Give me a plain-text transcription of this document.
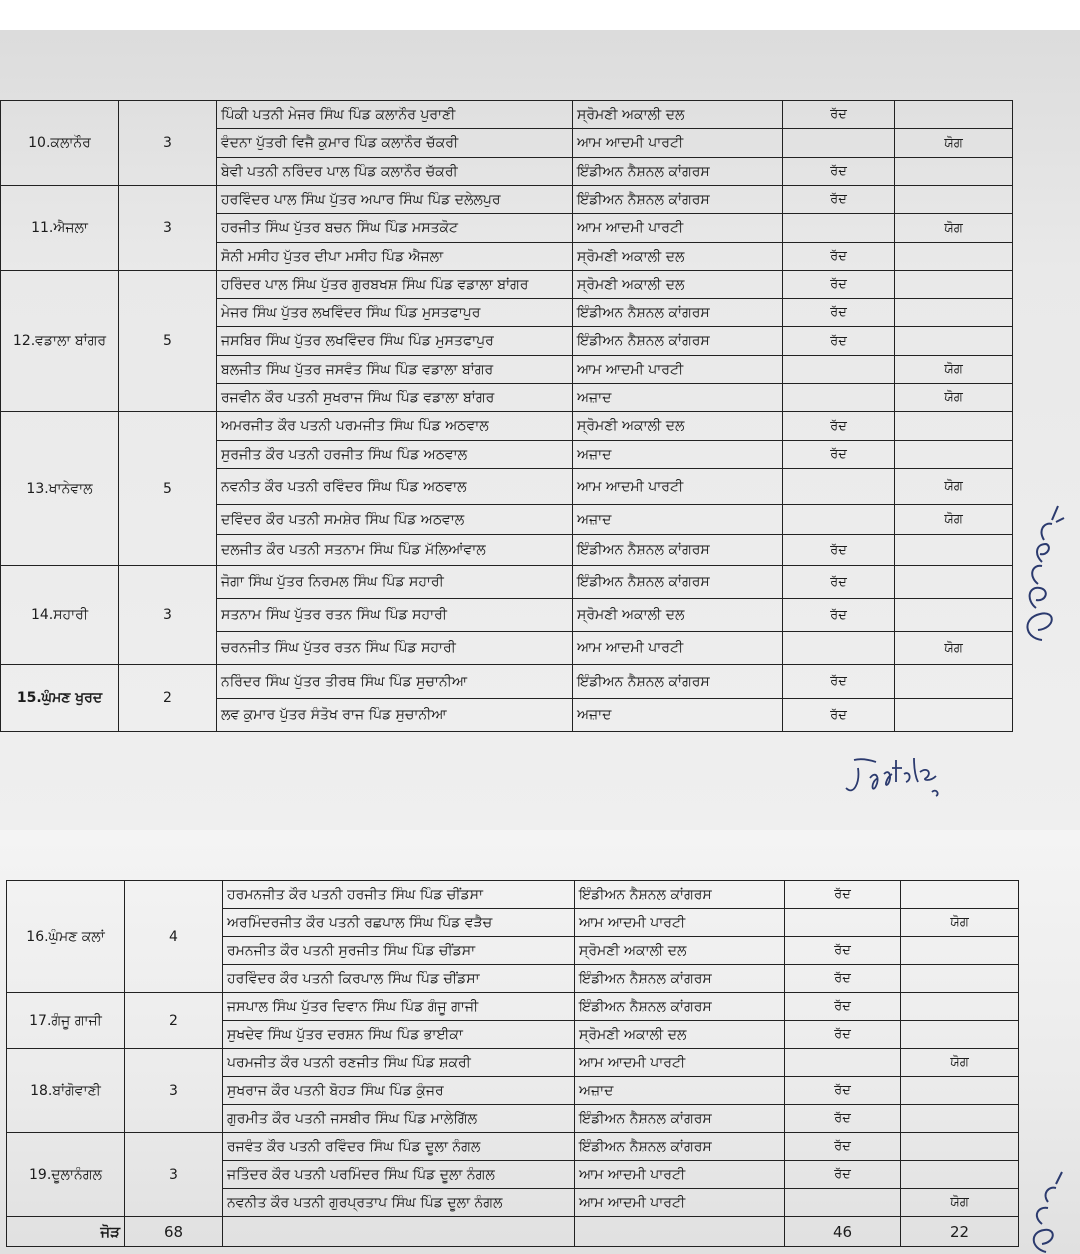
10.ਕਲਾਨੌਰ	3	ਪਿੰਕੀ ਪਤਨੀ ਮੇਜਰ ਸਿੰਘ ਪਿੰਡ ਕਲਾਨੌਰ ਪੁਰਾਣੀ	ਸ੍ਰੋਮਣੀ ਅਕਾਲੀ ਦਲ	ਰੱਦ	
		ਵੰਦਨਾ ਪੁੱਤਰੀ ਵਿਜੈ ਕੁਮਾਰ ਪਿੰਡ ਕਲਾਨੌਰ ਚੱਕਰੀ	ਆਮ ਆਦਮੀ ਪਾਰਟੀ		ਯੋਗ
		ਬੇਵੀ ਪਤਨੀ ਨਰਿੰਦਰ ਪਾਲ ਪਿੰਡ ਕਲਾਨੌਰ ਚੱਕਰੀ	ਇੰਡੀਅਨ ਨੈਸ਼ਨਲ ਕਾਂਗਰਸ	ਰੱਦ	
11.ਐਜਲਾ	3	ਹਰਵਿੰਦਰ ਪਾਲ ਸਿੰਘ ਪੁੱਤਰ ਅਪਾਰ ਸਿੰਘ ਪਿੰਡ ਦਲੇਲਪੁਰ	ਇੰਡੀਅਨ ਨੈਸ਼ਨਲ ਕਾਂਗਰਸ	ਰੱਦ	
		ਹਰਜੀਤ ਸਿੰਘ ਪੁੱਤਰ ਬਚਨ ਸਿੰਘ ਪਿੰਡ ਮਸਤਕੋਟ	ਆਮ ਆਦਮੀ ਪਾਰਟੀ		ਯੋਗ
		ਸੋਨੀ ਮਸੀਹ ਪੁੱਤਰ ਦੀਪਾ ਮਸੀਹ ਪਿੰਡ ਐਜਲਾ	ਸ੍ਰੋਮਣੀ ਅਕਾਲੀ ਦਲ	ਰੱਦ	
12.ਵਡਾਲਾ ਬਾਂਗਰ	5	ਹਰਿੰਦਰ ਪਾਲ ਸਿੰਘ ਪੁੱਤਰ ਗੁਰਬਖਸ਼ ਸਿੰਘ ਪਿੰਡ ਵਡਾਲਾ ਬਾਂਗਰ	ਸ੍ਰੋਮਣੀ ਅਕਾਲੀ ਦਲ	ਰੱਦ	
		ਮੇਜਰ ਸਿੰਘ ਪੁੱਤਰ ਲਖਵਿੰਦਰ ਸਿੰਘ ਪਿੰਡ ਮੁਸਤਫਾਪੁਰ	ਇੰਡੀਅਨ ਨੈਸ਼ਨਲ ਕਾਂਗਰਸ	ਰੱਦ	
		ਜਸਬਿਰ ਸਿੰਘ ਪੁੱਤਰ ਲਖਵਿੰਦਰ ਸਿੰਘ ਪਿੰਡ ਮੁਸਤਫਾਪੁਰ	ਇੰਡੀਅਨ ਨੈਸ਼ਨਲ ਕਾਂਗਰਸ	ਰੱਦ	
		ਬਲਜੀਤ ਸਿੰਘ ਪੁੱਤਰ ਜਸਵੰਤ ਸਿੰਘ ਪਿੰਡ ਵਡਾਲਾ ਬਾਂਗਰ	ਆਮ ਆਦਮੀ ਪਾਰਟੀ		ਯੋਗ
		ਰਜਵੀਨ ਕੌਰ ਪਤਨੀ ਸੁਖਰਾਜ ਸਿੰਘ ਪਿੰਡ ਵਡਾਲਾ ਬਾਂਗਰ	ਅਜ਼ਾਦ		ਯੋਗ
13.ਖਾਨੇਵਾਲ	5	ਅਮਰਜੀਤ ਕੌਰ ਪਤਨੀ ਪਰਮਜੀਤ ਸਿੰਘ ਪਿੰਡ ਅਠਵਾਲ	ਸ੍ਰੋਮਣੀ ਅਕਾਲੀ ਦਲ	ਰੱਦ	
		ਸੁਰਜੀਤ ਕੌਰ ਪਤਨੀ ਹਰਜੀਤ ਸਿੰਘ ਪਿੰਡ ਅਠਵਾਲ	ਅਜ਼ਾਦ	ਰੱਦ	
		ਨਵਨੀਤ ਕੌਰ ਪਤਨੀ ਰਵਿੰਦਰ ਸਿੰਘ ਪਿੰਡ ਅਠਵਾਲ	ਆਮ ਆਦਮੀ ਪਾਰਟੀ		ਯੋਗ
		ਦਵਿੰਦਰ ਕੌਰ ਪਤਨੀ ਸਮਸ਼ੇਰ ਸਿੰਘ ਪਿੰਡ ਅਠਵਾਲ	ਅਜ਼ਾਦ		ਯੋਗ
		ਦਲਜੀਤ ਕੌਰ ਪਤਨੀ ਸਤਨਾਮ ਸਿੰਘ ਪਿੰਡ ਮੱਲਿਆਂਵਾਲ	ਇੰਡੀਅਨ ਨੈਸ਼ਨਲ ਕਾਂਗਰਸ	ਰੱਦ	
14.ਸਹਾਰੀ	3	ਜੋਗਾ ਸਿੰਘ ਪੁੱਤਰ ਨਿਰਮਲ ਸਿੰਘ ਪਿੰਡ ਸਹਾਰੀ	ਇੰਡੀਅਨ ਨੈਸ਼ਨਲ ਕਾਂਗਰਸ	ਰੱਦ	
		ਸਤਨਾਮ ਸਿੰਘ ਪੁੱਤਰ ਰਤਨ ਸਿੰਘ ਪਿੰਡ ਸਹਾਰੀ	ਸ੍ਰੋਮਣੀ ਅਕਾਲੀ ਦਲ	ਰੱਦ	
		ਚਰਨਜੀਤ ਸਿੰਘ ਪੁੱਤਰ ਰਤਨ ਸਿੰਘ ਪਿੰਡ ਸਹਾਰੀ	ਆਮ ਆਦਮੀ ਪਾਰਟੀ		ਯੋਗ
15.ਘੁੰਮਣ ਖੁਰਦ	2	ਨਰਿੰਦਰ ਸਿੰਘ ਪੁੱਤਰ ਤੀਰਥ ਸਿੰਘ ਪਿੰਡ ਸੁਚਾਨੀਆ	ਇੰਡੀਅਨ ਨੈਸ਼ਨਲ ਕਾਂਗਰਸ	ਰੱਦ	
		ਲਵ ਕੁਮਾਰ ਪੁੱਤਰ ਸੰਤੋਖ ਰਾਜ ਪਿੰਡ ਸੁਚਾਨੀਆ	ਅਜ਼ਾਦ	ਰੱਦ	
16.ਘੁੰਮਣ ਕਲਾਂ	4	ਹਰਮਨਜੀਤ ਕੌਰ ਪਤਨੀ ਹਰਜੀਤ ਸਿੰਘ ਪਿੰਡ ਚੀਂਡਸਾ	ਇੰਡੀਅਨ ਨੈਸ਼ਨਲ ਕਾਂਗਰਸ	ਰੱਦ	
		ਅਰਮਿੰਦਰਜੀਤ ਕੌਰ ਪਤਨੀ ਰਛਪਾਲ ਸਿੰਘ ਪਿੰਡ ਵੜੈਚ	ਆਮ ਆਦਮੀ ਪਾਰਟੀ		ਯੋਗ
		ਰਮਨਜੀਤ ਕੌਰ ਪਤਨੀ ਸੁਰਜੀਤ ਸਿੰਘ ਪਿੰਡ ਚੀਂਡਸਾ	ਸ੍ਰੋਮਣੀ ਅਕਾਲੀ ਦਲ	ਰੱਦ	
		ਹਰਵਿੰਦਰ ਕੌਰ ਪਤਨੀ ਕਿਰਪਾਲ ਸਿੰਘ ਪਿੰਡ ਚੀਂਡਸਾ	ਇੰਡੀਅਨ ਨੈਸ਼ਨਲ ਕਾਂਗਰਸ	ਰੱਦ	
17.ਗੰਜੂ ਗਾਜੀ	2	ਜਸਪਾਲ ਸਿੰਘ ਪੁੱਤਰ ਦਿਵਾਨ ਸਿੰਘ ਪਿੰਡ ਗੰਜੂ ਗਾਜੀ	ਇੰਡੀਅਨ ਨੈਸ਼ਨਲ ਕਾਂਗਰਸ	ਰੱਦ	
		ਸੁਖਦੇਵ ਸਿੰਘ ਪੁੱਤਰ ਦਰਸ਼ਨ ਸਿੰਘ ਪਿੰਡ ਭਾਈਕਾ	ਸ੍ਰੋਮਣੀ ਅਕਾਲੀ ਦਲ	ਰੱਦ	
18.ਬਾਂਗੋਵਾਣੀ	3	ਪਰਮਜੀਤ ਕੌਰ ਪਤਨੀ ਰਣਜੀਤ ਸਿੰਘ ਪਿੰਡ ਸ਼ਕਰੀ	ਆਮ ਆਦਮੀ ਪਾਰਟੀ		ਯੋਗ
		ਸੁਖਰਾਜ ਕੌਰ ਪਤਨੀ ਬੋਹੜ ਸਿੰਘ ਪਿੰਡ ਕੁੰਜਰ	ਅਜ਼ਾਦ	ਰੱਦ	
		ਗੁਰਮੀਤ ਕੌਰ ਪਤਨੀ ਜਸਬੀਰ ਸਿੰਘ ਪਿੰਡ ਮਾਲੇਗਿੱਲ	ਇੰਡੀਅਨ ਨੈਸ਼ਨਲ ਕਾਂਗਰਸ	ਰੱਦ	
19.ਦੂਲਾਨੰਗਲ	3	ਰਜਵੰਤ ਕੌਰ ਪਤਨੀ ਰਵਿੰਦਰ ਸਿੰਘ ਪਿੰਡ ਦੂਲਾ ਨੰਗਲ	ਇੰਡੀਅਨ ਨੈਸ਼ਨਲ ਕਾਂਗਰਸ	ਰੱਦ	
		ਜਤਿੰਦਰ ਕੌਰ ਪਤਨੀ ਪਰਮਿੰਦਰ ਸਿੰਘ ਪਿੰਡ ਦੂਲਾ ਨੰਗਲ	ਆਮ ਆਦਮੀ ਪਾਰਟੀ	ਰੱਦ	
		ਨਵਨੀਤ ਕੌਰ ਪਤਨੀ ਗੁਰਪ੍ਰਤਾਪ ਸਿੰਘ ਪਿੰਡ ਦੂਲਾ ਨੰਗਲ	ਆਮ ਆਦਮੀ ਪਾਰਟੀ		ਯੋਗ
ਜੋੜ	68			46	22
